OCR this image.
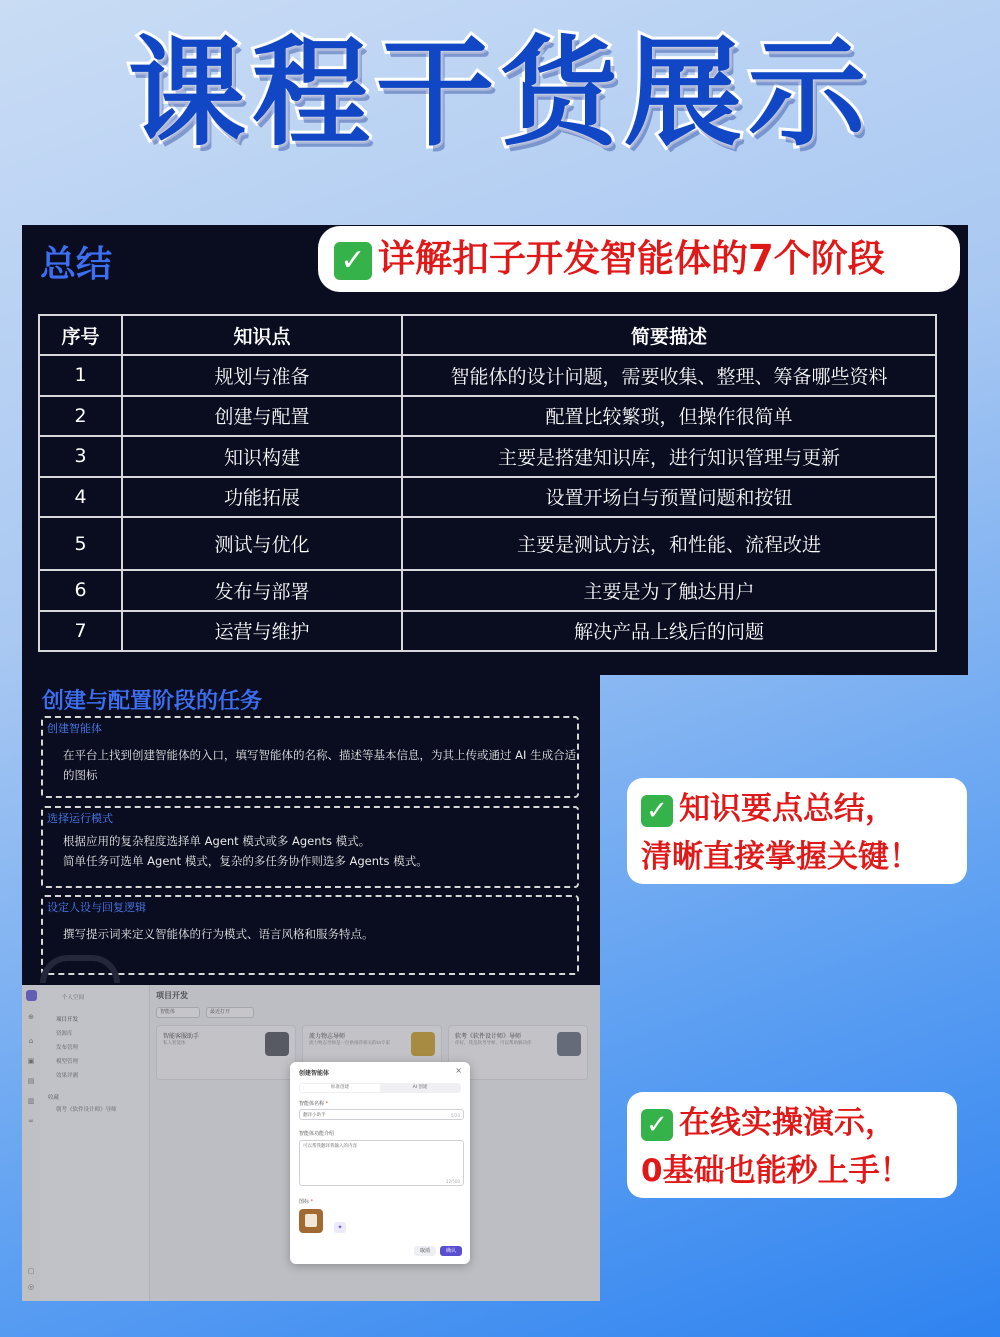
课程干货展示
总结	✓ 详解扣子开发智能体的7个阶段
序号	知识点	简要描述
1	规划与准备	智能体的设计问题，需要收集、整理、筹备哪些资料
2	创建与配置	配置比较繁琐，但操作很简单
3	知识构建	主要是搭建知识库，进行知识管理与更新
4	功能拓展	设置开场白与预置问题和按钮
5	测试与优化	主要是测试方法，和性能、流程改进
6	发布与部署	主要是为了触达用户
7	运营与维护	解决产品上线后的问题
创建与配置阶段的任务
创建智能体
在平台上找到创建智能体的入口，填写智能体的名称、描述等基本信息，为其上传或通过 AI 生成合适
的图标
选择运行模式
根据应用的复杂程度选择单 Agent 模式或多 Agents 模式。
简单任务可选单 Agent 模式，复杂的多任务协作则选多 Agents 模式。
设定人设与回复逻辑
撰写提示词来定义智能体的行为模式、语言风格和服务特点。
✓ 知识要点总结，
清晰直接掌握关键！
✓ 在线实操演示，
0基础也能秒上手！
⊕
⌂
▣
▤
▥
∞
▢
◎
个人空间
项目开发
资源库
发布管理
模型管理
效果评测
收藏
朝考《软件设计师》导师
项目开发
智能体	最近打开
智能客服助手
私人智能体
流力物志导师
流力物志导师是一位供推荐相关的ta专家
软考《软件设计师》导师
你好，我是软考导师，可以帮助解决你
创建智能体	×
标准创建	AI 创建
智能体名称 *
翻译小助手	5/20
智能体功能介绍
可以帮我翻译我输入的内容
12/500
图标 *
✦
取消	确认
